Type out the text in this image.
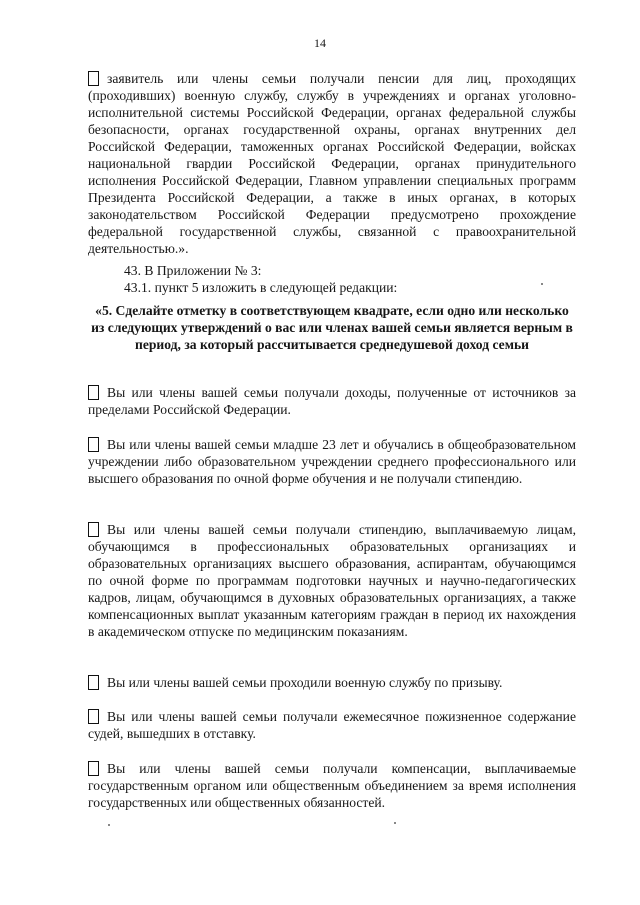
14

заявитель или члены семьи получали пенсии для лиц, проходящих (проходивших) военную службу, службу в учреждениях и органах уголовно-исполнительной системы Российской Федерации, органах федеральной службы безопасности, органах государственной охраны, органах внутренних дел Российской Федерации, таможенных органах Российской Федерации, войсках национальной гвардии Российской Федерации, органах принудительного исполнения Российской Федерации, Главном управлении специальных программ Президента Российской Федерации, а также в иных органах, в которых законодательством Российской Федерации предусмотрено прохождение федеральной государственной службы, связанной с правоохранительной деятельностью.».

43. В Приложении № 3:
43.1. пункт 5 изложить в следующей редакции:

«5. Сделайте отметку в соответствующем квадрате, если одно или несколько из следующих утверждений о вас или членах вашей семьи является верным в период, за который рассчитывается среднедушевой доход семьи

Вы или члены вашей семьи получали доходы, полученные от источников за пределами Российской Федерации.

Вы или члены вашей семьи младше 23 лет и обучались в общеобразовательном учреждении либо образовательном учреждении среднего профессионального или высшего образования по очной форме обучения и не получали стипендию.

Вы или члены вашей семьи получали стипендию, выплачиваемую лицам, обучающимся в профессиональных образовательных организациях и образовательных организациях высшего образования, аспирантам, обучающимся по очной форме по программам подготовки научных и научно-педагогических кадров, лицам, обучающимся в духовных образовательных организациях, а также компенсационных выплат указанным категориям граждан в период их нахождения в академическом отпуске по медицинским показаниям.

Вы или члены вашей семьи проходили военную службу по призыву.

Вы или члены вашей семьи получали ежемесячное пожизненное содержание судей, вышедших в отставку.

Вы или члены вашей семьи получали компенсации, выплачиваемые государственным органом или общественным объединением за время исполнения государственных или общественных обязанностей.
